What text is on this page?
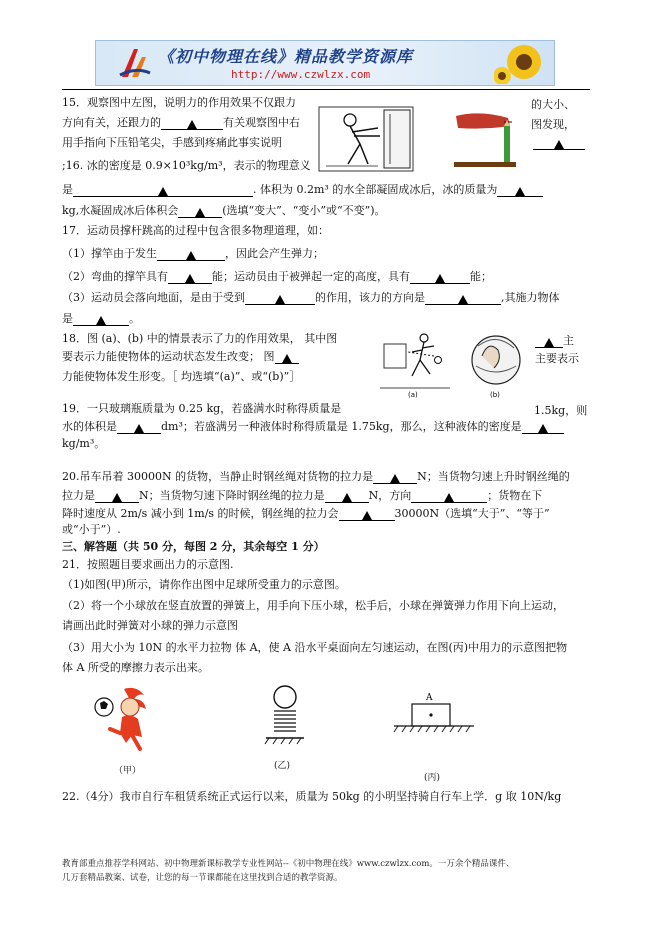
《初中物理在线》精品教学资源库
http://www.czwlzx.com
15．观察图中左图，说明力的作用效果不仅跟力	的大小、
方向有关，还跟力的	有关观察图中右	图发现，
用手指向下压铅笔尖，手感到疼痛此事实说明
;16. 冰的密度是 0.9×10³kg/m³，表示的物理意义
是	. 体积为 0.2m³ 的水全部凝固成冰后，冰的质量为
kg,水凝固成冰后体积会	(选填“变大”、“变小”或“不变”)。
17．运动员撑杆跳高的过程中包含很多物理道理，如：
（1）撑竿由于发生	，因此会产生弹力；
（2）弯曲的撑竿具有	能；运动员由于被弹起一定的高度，具有	能；
（3）运动员会落向地面，是由于受到	的作用，该力的方向是	,其施力物体
是	。
18．图 (a)、(b) 中的情景表示了力的作用效果， 其中图	主
要表示力能使物体的运动状态发生改变； 图	主要表示
力能使物体发生形变。［ 均选填“(a)”、或“(b)”］
(a)	(b)
19．一只玻璃瓶质量为 0.25 kg，若盛满水时称得质量是	1.5kg，则
水的体积是	dm³；若盛满另一种液体时称得质量是 1.75kg，那么，这种液体的密度是
kg/m³。
20.吊车吊着 30000N 的货物，当静止时钢丝绳对货物的拉力是	N；当货物匀速上升时钢丝绳的
拉力是	N；当货物匀速下降时钢丝绳的拉力是	N，方向	；货物在下
降时速度从 2m/s 减小到 1m/s 的时候，钢丝绳的拉力会	30000N（选填“大于”、“等于”
或“小于”）.
三、解答题（共 50 分，每图 2 分，其余每空 1 分）
21．按照题目要求画出力的示意图.
（1)如图(甲)所示，请你作出图中足球所受重力的示意图。
（2）将一个小球放在竖直放置的弹簧上，用手向下压小球，松手后，小球在弹簧弹力作用下向上运动，
请画出此时弹簧对小球的弹力示意图
（3）用大小为 10N 的水平力拉物 体 A，使 A 沿水平桌面向左匀速运动，在图(丙)中用力的示意图把物
体 A 所受的摩擦力表示出来。
（甲）	(乙)
A
(丙)
22.（4分）我市自行车租赁系统正式运行以来，质量为 50kg 的小明坚持骑自行车上学．g 取 10N/kg
教育部重点推荐学科网站、初中物理新课标教学专业性网站--《初中物理在线》www.czwlzx.com。一万余个精品课件、
几万套精品教案、试卷，让您的每一节课都能在这里找到合适的教学资源。
